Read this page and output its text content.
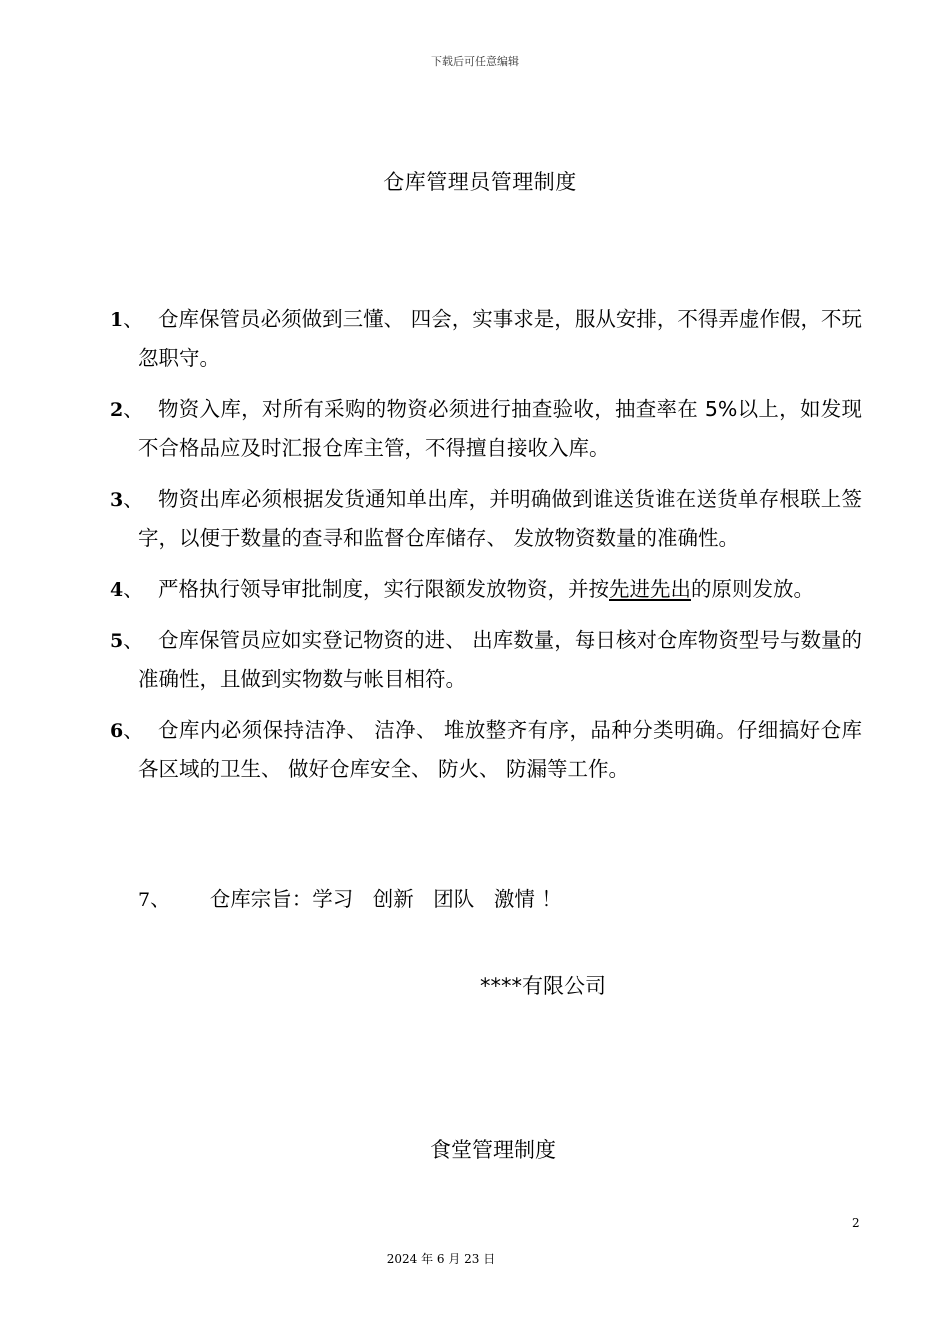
下载后可任意编辑
仓库管理员管理制度
1、 仓库保管员必须做到三懂、 四会，实事求是，服从安排，不得弄虚作假，不玩忽职守。
2、 物资入库，对所有采购的物资必须进行抽查验收，抽查率在 5%以上，如发现不合格品应及时汇报仓库主管，不得擅自接收入库。
3、 物资出库必须根据发货通知单出库，并明确做到谁送货谁在送货单存根联上签字，以便于数量的查寻和监督仓库储存、 发放物资数量的准确性。
4、 严格执行领导审批制度，实行限额发放物资，并按先进先出的原则发放。
5、 仓库保管员应如实登记物资的进、 出库数量，每日核对仓库物资型号与数量的准确性，且做到实物数与帐目相符。
6、 仓库内必须保持洁净、 洁净、 堆放整齐有序，品种分类明确。仔细搞好仓库各区域的卫生、 做好仓库安全、 防火、 防漏等工作。
7、      仓库宗旨：学习   创新   团队   激情 ！
****有限公司
食堂管理制度
2
2024 年 6 月 23 日
